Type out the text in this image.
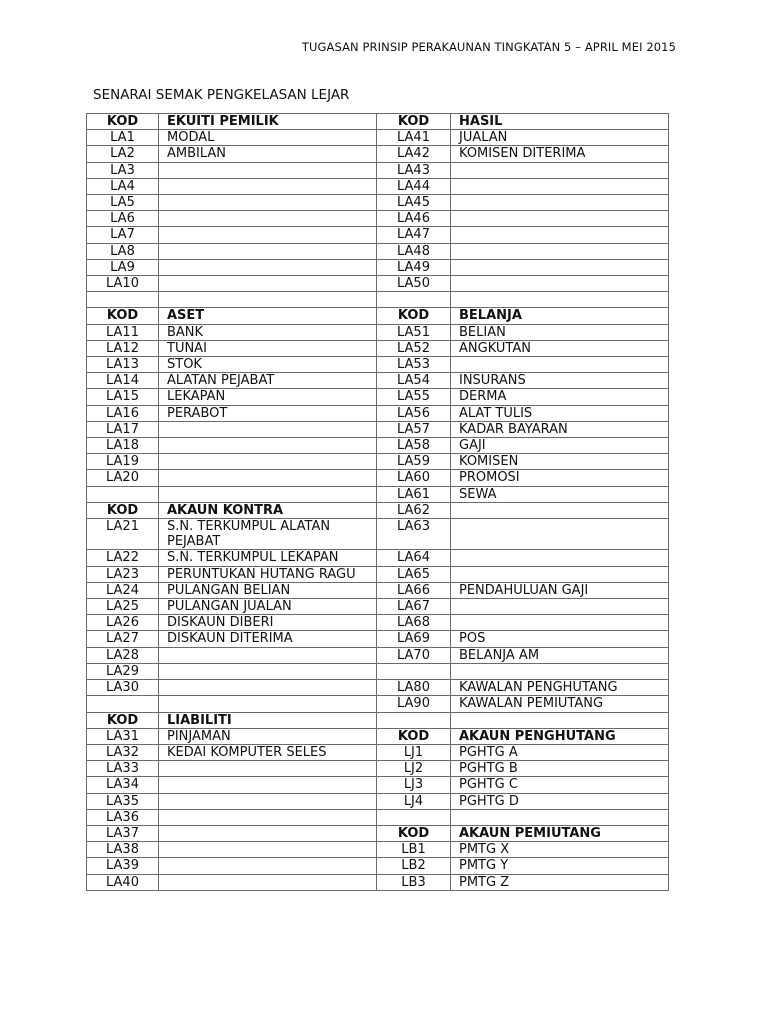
TUGASAN PRINSIP PERAKAUNAN TINGKATAN 5 – APRIL MEI 2015
SENARAI SEMAK PENGKELASAN LEJAR
KOD	EKUITI PEMILIK	KOD	HASIL
LA1	MODAL	LA41	JUALAN
LA2	AMBILAN	LA42	KOMISEN DITERIMA
LA3		LA43	
LA4		LA44	
LA5		LA45	
LA6		LA46	
LA7		LA47	
LA8		LA48	
LA9		LA49	
LA10		LA50	

KOD	ASET	KOD	BELANJA
LA11	BANK	LA51	BELIAN
LA12	TUNAI	LA52	ANGKUTAN
LA13	STOK	LA53	
LA14	ALATAN PEJABAT	LA54	INSURANS
LA15	LEKAPAN	LA55	DERMA
LA16	PERABOT	LA56	ALAT TULIS
LA17		LA57	KADAR BAYARAN
LA18		LA58	GAJI
LA19		LA59	KOMISEN
LA20		LA60	PROMOSI
		LA61	SEWA
KOD	AKAUN KONTRA	LA62	
LA21	S.N. TERKUMPUL ALATAN PEJABAT	LA63	
LA22	S.N. TERKUMPUL LEKAPAN	LA64	
LA23	PERUNTUKAN HUTANG RAGU	LA65	
LA24	PULANGAN BELIAN	LA66	PENDAHULUAN GAJI
LA25	PULANGAN JUALAN	LA67	
LA26	DISKAUN DIBERI	LA68	
LA27	DISKAUN DITERIMA	LA69	POS
LA28		LA70	BELANJA AM
LA29			
LA30		LA80	KAWALAN PENGHUTANG
		LA90	KAWALAN PEMIUTANG
KOD	LIABILITI		
LA31	PINJAMAN	KOD	AKAUN PENGHUTANG
LA32	KEDAI KOMPUTER SELES	LJ1	PGHTG A
LA33		LJ2	PGHTG B
LA34		LJ3	PGHTG C
LA35		LJ4	PGHTG D
LA36			
LA37		KOD	AKAUN PEMIUTANG
LA38		LB1	PMTG X
LA39		LB2	PMTG Y
LA40		LB3	PMTG Z
